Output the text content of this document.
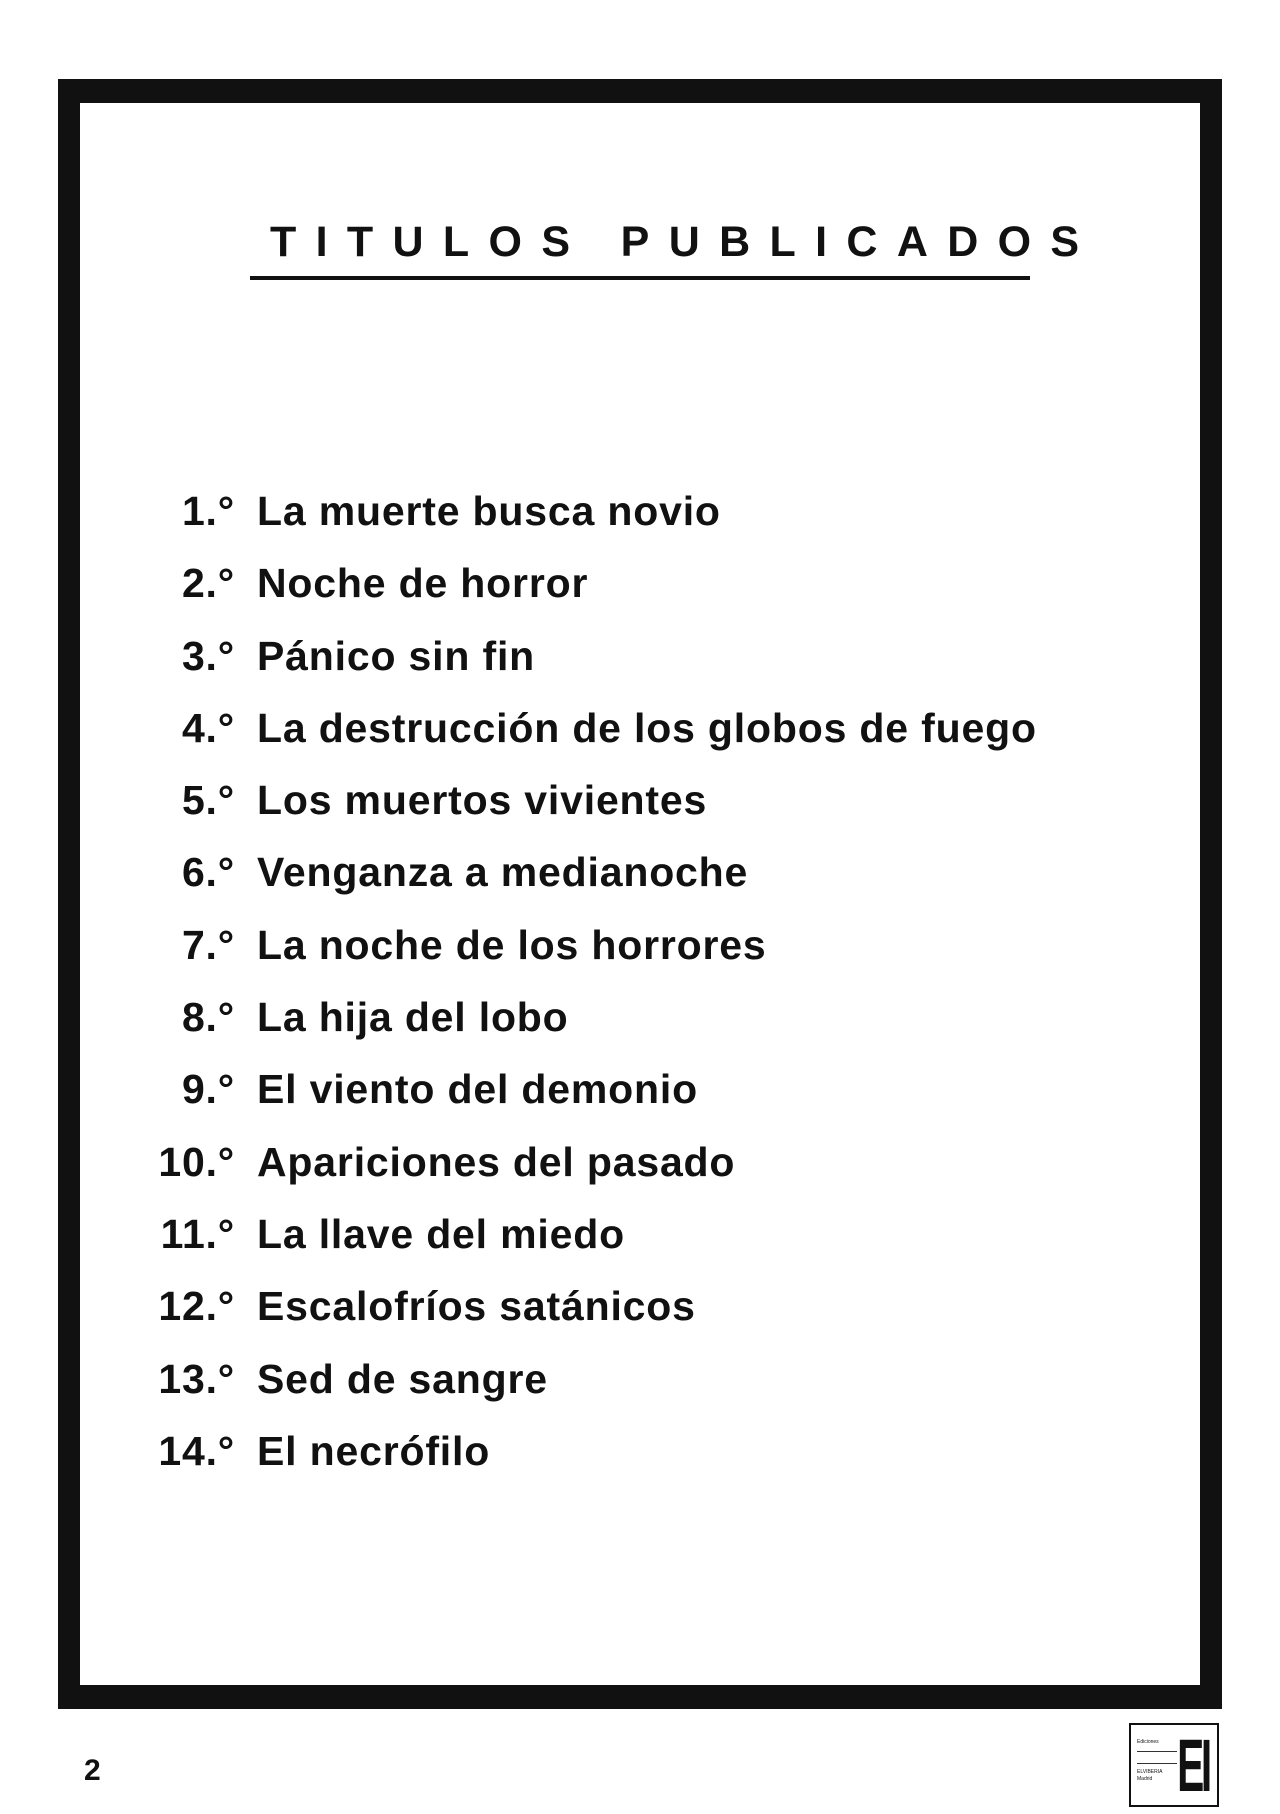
TITULOS PUBLICADOS
1.° La muerte busca novio
2.° Noche de horror
3.° Pánico sin fin
4.° La destrucción de los globos de fuego
5.° Los muertos vivientes
6.° Venganza a medianoche
7.° La noche de los horrores
8.° La hija del lobo
9.° El viento del demonio
10.° Apariciones del pasado
11.° La llave del miedo
12.° Escalofríos satánicos
13.° Sed de sangre
14.° El necrófilo
2
Ediciones
ELVIBERIA
Madrid EI
